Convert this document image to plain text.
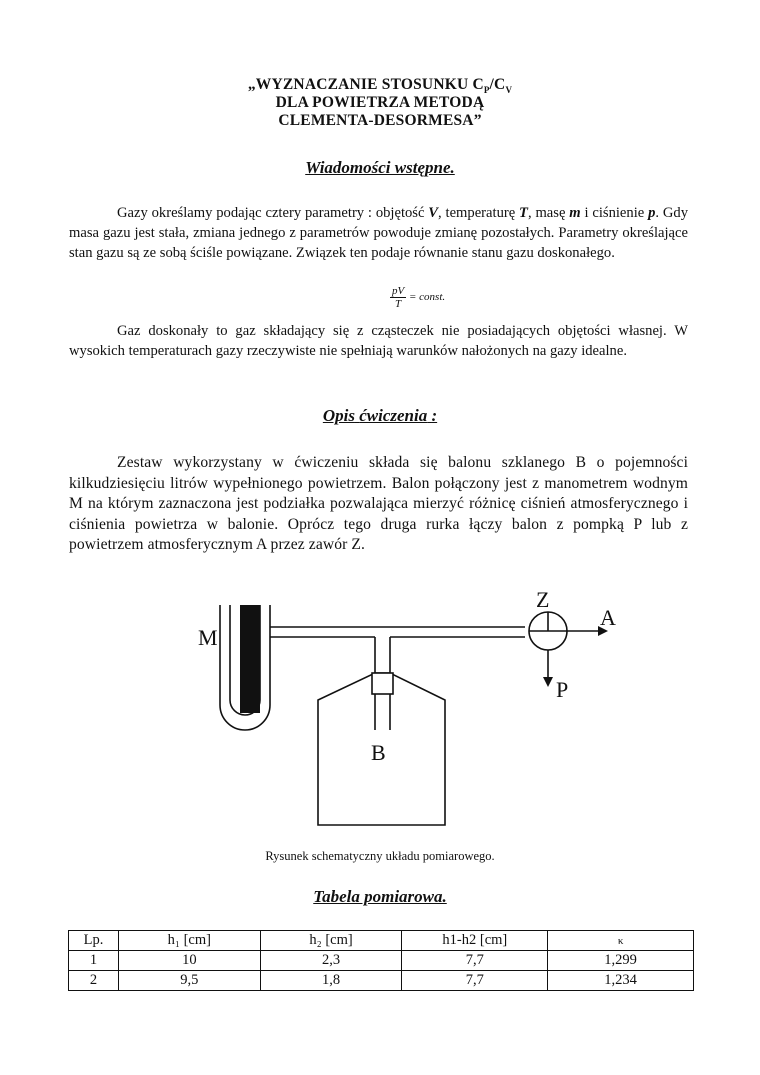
„WYZNACZANIE STOSUNKU $C_P/C_V$
DLA POWIETRZA METODĄ
CLEMENTA-DESORMESA”
Wiadomości wstępne.
Gazy określamy podając cztery parametry : objętość V, temperaturę T, masę m i ciśnienie p. Gdy masa gazu jest stała, zmiana jednego z parametrów powoduje zmianę pozostałych. Parametry określające stan gazu są ze sobą ściśle powiązane. Związek ten podaje równanie stanu gazu doskonałego.
$\frac{pV}{T}$ = const.
Gaz doskonały to gaz składający się z cząsteczek nie posiadających objętości własnej. W wysokich temperaturach gazy rzeczywiste nie spełniają warunków nałożonych na gazy idealne.
Opis ćwiczenia :
Zestaw wykorzystany w ćwiczeniu składa się balonu szklanego B o pojemności kilkudziesięciu litrów wypełnionego powietrzem. Balon połączony jest z manometrem wodnym M na którym zaznaczona jest podziałka pozwalająca mierzyć różnicę ciśnień atmosferycznego i ciśnienia powietrza w balonie. Oprócz tego druga rurka łączy balon z pompką P lub z powietrzem atmosferycznym A przez zawór Z.
M
B
Z
A
P
Rysunek schematyczny układu pomiarowego.
Tabela pomiarowa.
Lp.	h₁ [cm]	h₂ [cm]	h1-h2 [cm]	κ
1	10	2,3	7,7	1,299
2	9,5	1,8	7,7	1,234
